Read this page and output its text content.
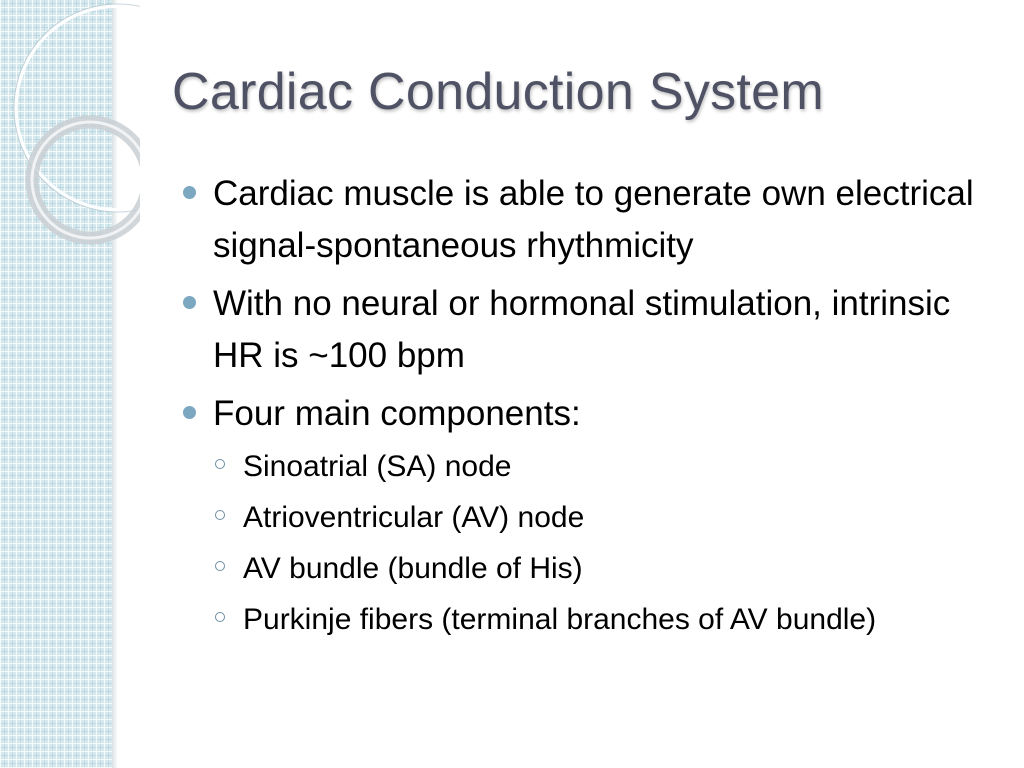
Cardiac Conduction System
Cardiac muscle is able to generate own electrical signal-spontaneous rhythmicity
With no neural or hormonal stimulation, intrinsic HR is ~100 bpm
Four main components:
Sinoatrial (SA) node
Atrioventricular (AV) node
AV bundle (bundle of His)
Purkinje fibers (terminal branches of AV bundle)
